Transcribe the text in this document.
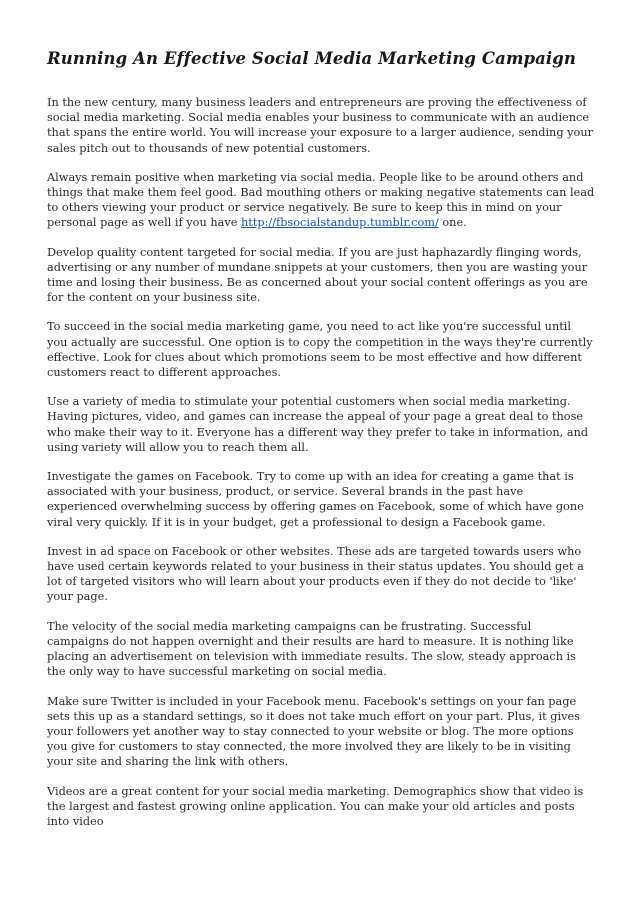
Running An Effective Social Media Marketing Campaign

In the new century, many business leaders and entrepreneurs are proving the effectiveness of social media marketing. Social media enables your business to communicate with an audience that spans the entire world. You will increase your exposure to a larger audience, sending your sales pitch out to thousands of new potential customers.

Always remain positive when marketing via social media. People like to be around others and things that make them feel good. Bad mouthing others or making negative statements can lead to others viewing your product or service negatively. Be sure to keep this in mind on your personal page as well if you have http://fbsocialstandup.tumblr.com/ one.

Develop quality content targeted for social media. If you are just haphazardly flinging words, advertising or any number of mundane snippets at your customers, then you are wasting your time and losing their business. Be as concerned about your social content offerings as you are for the content on your business site.

To succeed in the social media marketing game, you need to act like you're successful until you actually are successful. One option is to copy the competition in the ways they're currently effective. Look for clues about which promotions seem to be most effective and how different customers react to different approaches.

Use a variety of media to stimulate your potential customers when social media marketing. Having pictures, video, and games can increase the appeal of your page a great deal to those who make their way to it. Everyone has a different way they prefer to take in information, and using variety will allow you to reach them all.

Investigate the games on Facebook. Try to come up with an idea for creating a game that is associated with your business, product, or service. Several brands in the past have experienced overwhelming success by offering games on Facebook, some of which have gone viral very quickly. If it is in your budget, get a professional to design a Facebook game.

Invest in ad space on Facebook or other websites. These ads are targeted towards users who have used certain keywords related to your business in their status updates. You should get a lot of targeted visitors who will learn about your products even if they do not decide to 'like' your page.

The velocity of the social media marketing campaigns can be frustrating. Successful campaigns do not happen overnight and their results are hard to measure. It is nothing like placing an advertisement on television with immediate results. The slow, steady approach is the only way to have successful marketing on social media.

Make sure Twitter is included in your Facebook menu. Facebook's settings on your fan page sets this up as a standard settings, so it does not take much effort on your part. Plus, it gives your followers yet another way to stay connected to your website or blog. The more options you give for customers to stay connected, the more involved they are likely to be in visiting your site and sharing the link with others.

Videos are a great content for your social media marketing. Demographics show that video is the largest and fastest growing online application. You can make your old articles and posts into video
